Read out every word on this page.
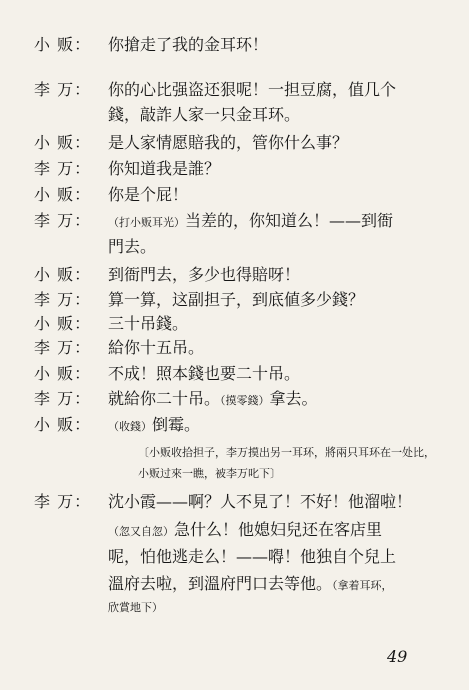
小 贩：	你搶走了我的金耳环！
李 万：	你的心比强盗还狠呢！一担豆腐，值几个
錢，敲詐人家一只金耳环。
小 贩：	是人家情愿賠我的，管你什么事？
李 万：	你知道我是誰？
小 贩：	你是个屁！
李 万：	（打小贩耳光）当差的，你知道么！——到衙
門去。
小 贩：	到衙門去，多少也得賠呀！
李 万：	算一算，这副担子，到底値多少錢？
小 贩：	三十吊錢。
李 万：	給你十五吊。
小 贩：	不成！照本錢也要二十吊。
李 万：	就給你二十吊。（摸零錢）拿去。
小 贩：	（收錢）倒霉。
〔小贩收拾担子，李万摸出另一耳环，將兩只耳环在一处比，小贩过來一瞧，被李万叱下〕
李 万：	沈小霞——啊？人不見了！不好！他溜啦！
（忽又自忽）急什么！他媳妇兒还在客店里
呢，怕他逃走么！——嘚！他独自个兒上
溫府去啦，到溫府門口去等他。（拿着耳环，
欣賞地下）
49
